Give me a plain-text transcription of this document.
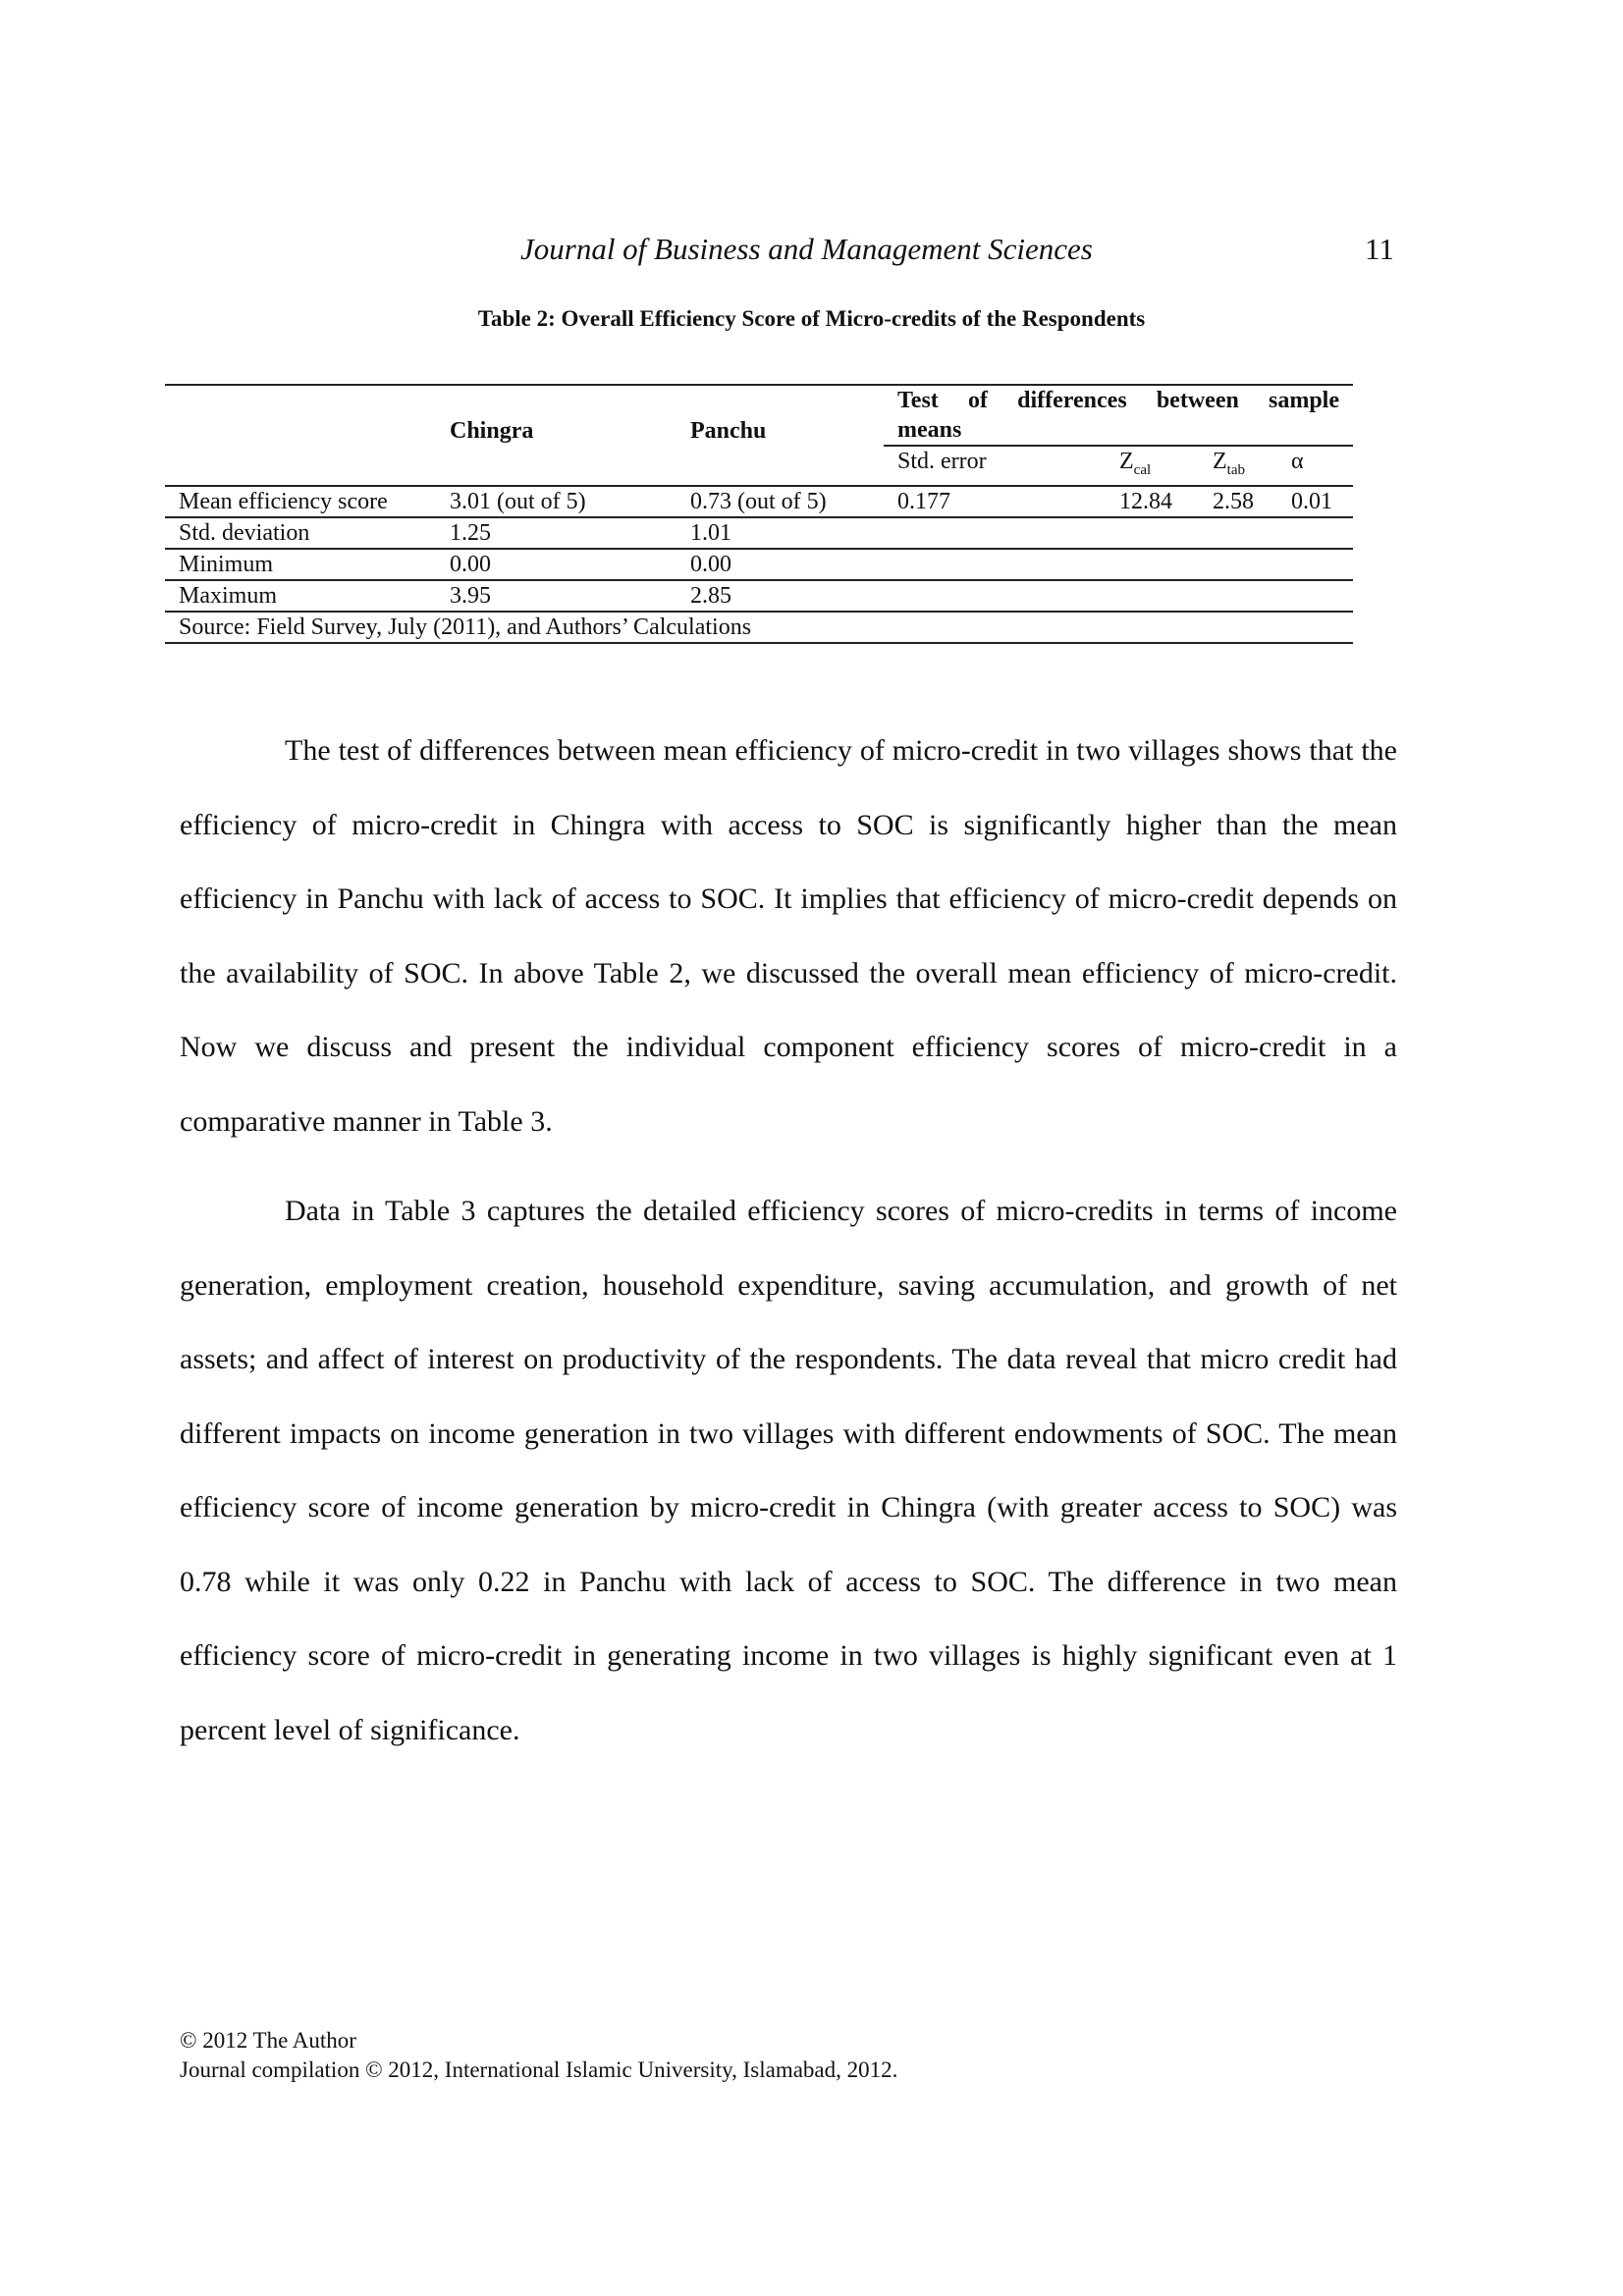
Journal of Business and Management Sciences	11
Table 2: Overall Efficiency Score of Micro-credits of the Respondents
	Chingra	Panchu	Test of differences between sample			
			means			
			Std. error	$Z_{cal}$	$Z_{tab}$	α
Mean efficiency score	3.01 (out of 5)	0.73 (out of 5)	0.177	12.84	2.58	0.01
Std. deviation	1.25	1.01				
Minimum	0.00	0.00				
Maximum	3.95	2.85				
Source: Field Survey, July (2011), and Authors’ Calculations						

The test of differences between mean efficiency of micro-credit in two villages shows that the efficiency of micro-credit in Chingra with access to SOC is significantly higher than the mean efficiency in Panchu with lack of access to SOC. It implies that efficiency of micro-credit depends on the availability of SOC. In above Table 2, we discussed the overall mean efficiency of micro-credit. Now we discuss and present the individual component efficiency scores of micro-credit in a comparative manner in Table 3.

Data in Table 3 captures the detailed efficiency scores of micro-credits in terms of income generation, employment creation, household expenditure, saving accumulation, and growth of net assets; and affect of interest on productivity of the respondents. The data reveal that micro credit had different impacts on income generation in two villages with different endowments of SOC. The mean efficiency score of income generation by micro-credit in Chingra (with greater access to SOC) was 0.78 while it was only 0.22 in Panchu with lack of access to SOC. The difference in two mean efficiency score of micro-credit in generating income in two villages is highly significant even at 1 percent level of significance.

© 2012 The Author
Journal compilation © 2012, International Islamic University, Islamabad, 2012.
